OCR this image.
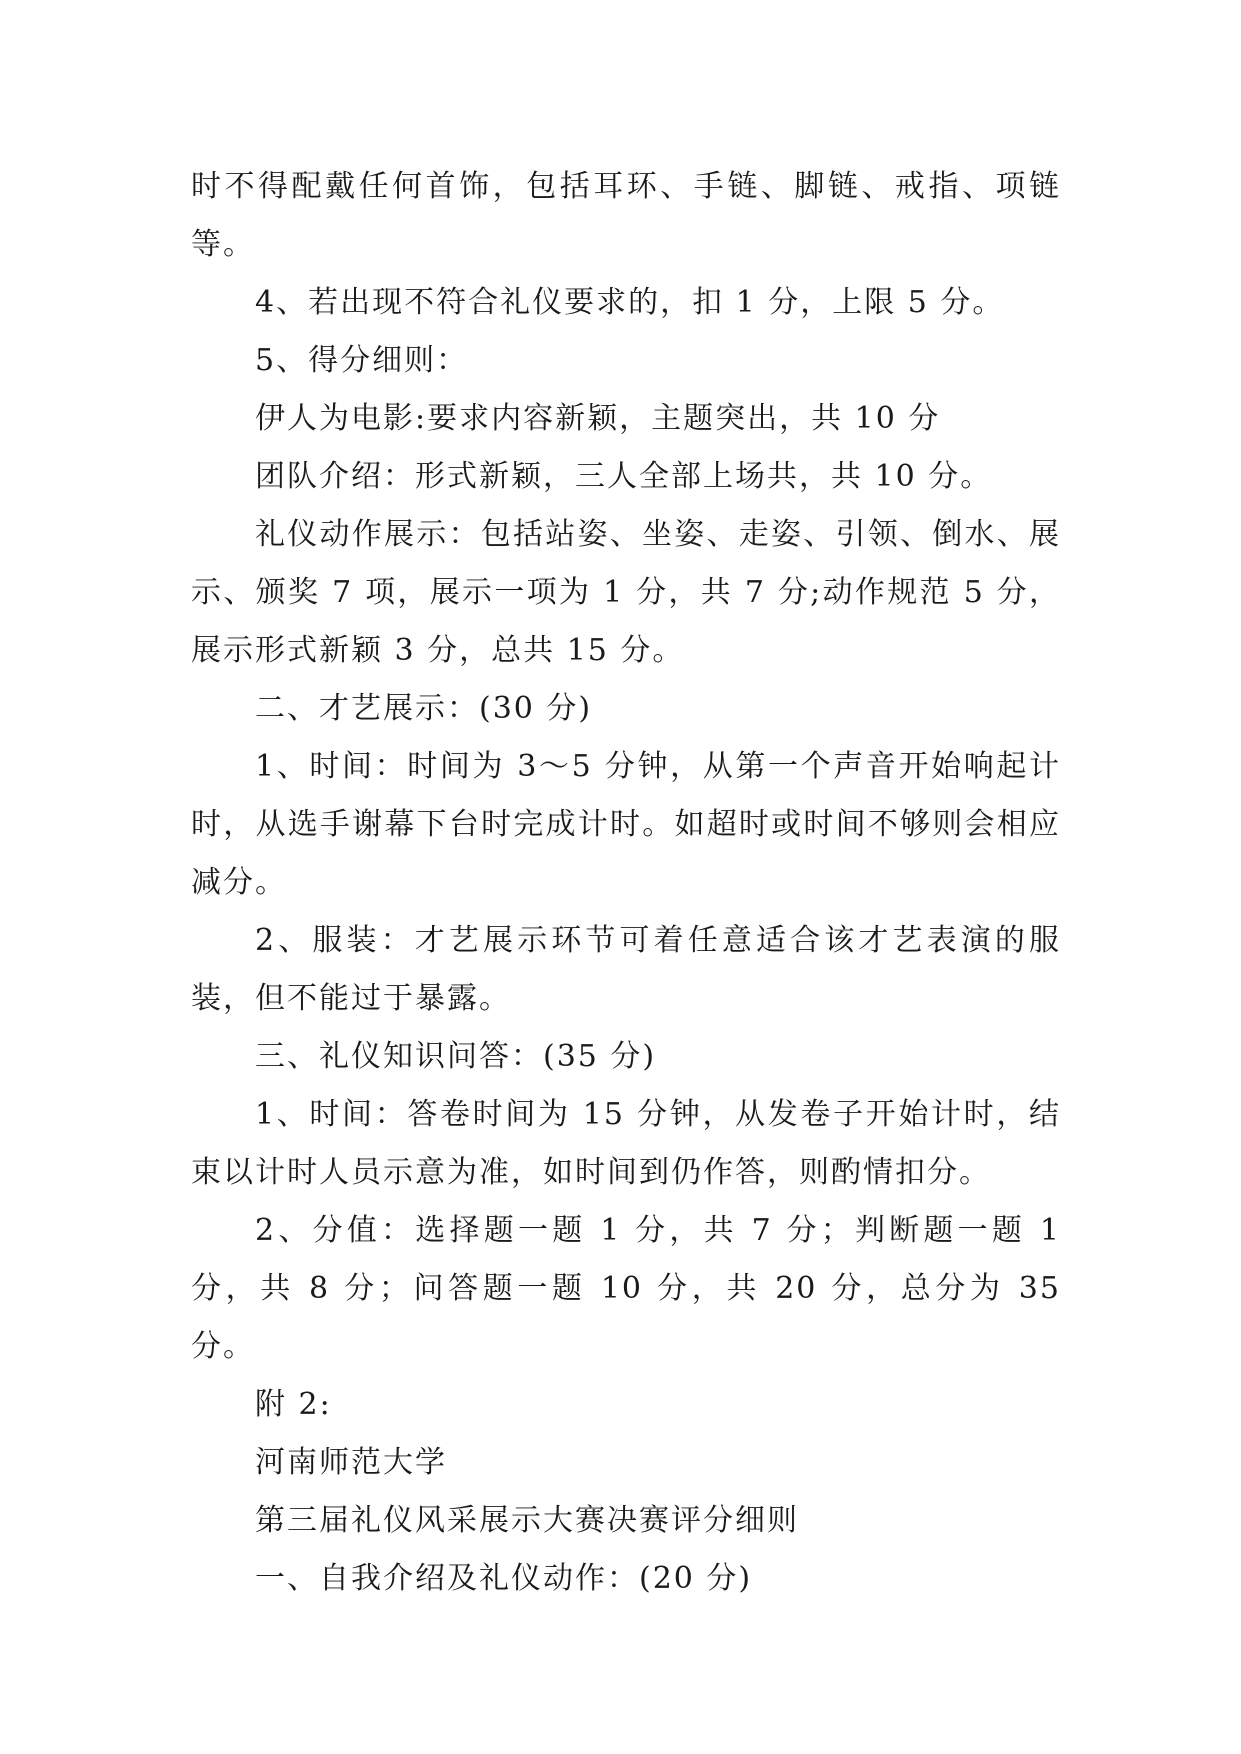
时不得配戴任何首饰，包括耳环、手链、脚链、戒指、项链等。

4、若出现不符合礼仪要求的，扣 1 分，上限 5 分。

5、得分细则：

伊人为电影:要求内容新颖，主题突出，共 10 分

团队介绍：形式新颖，三人全部上场共，共 10 分。

礼仪动作展示：包括站姿、坐姿、走姿、引领、倒水、展示、颁奖 7 项，展示一项为 1 分，共 7 分;动作规范 5 分，展示形式新颖 3 分，总共 15 分。

二、才艺展示：(30 分)

1、时间：时间为 3～5 分钟，从第一个声音开始响起计时，从选手谢幕下台时完成计时。如超时或时间不够则会相应减分。

2、服装：才艺展示环节可着任意适合该才艺表演的服装，但不能过于暴露。

三、礼仪知识问答：(35 分)

1、时间：答卷时间为 15 分钟，从发卷子开始计时，结束以计时人员示意为准，如时间到仍作答，则酌情扣分。

2、分值：选择题一题 1 分，共 7 分；判断题一题 1 分，共 8 分；问答题一题 10 分，共 20 分，总分为 35 分。

附 2:

河南师范大学

第三届礼仪风采展示大赛决赛评分细则

一、自我介绍及礼仪动作：(20 分)
